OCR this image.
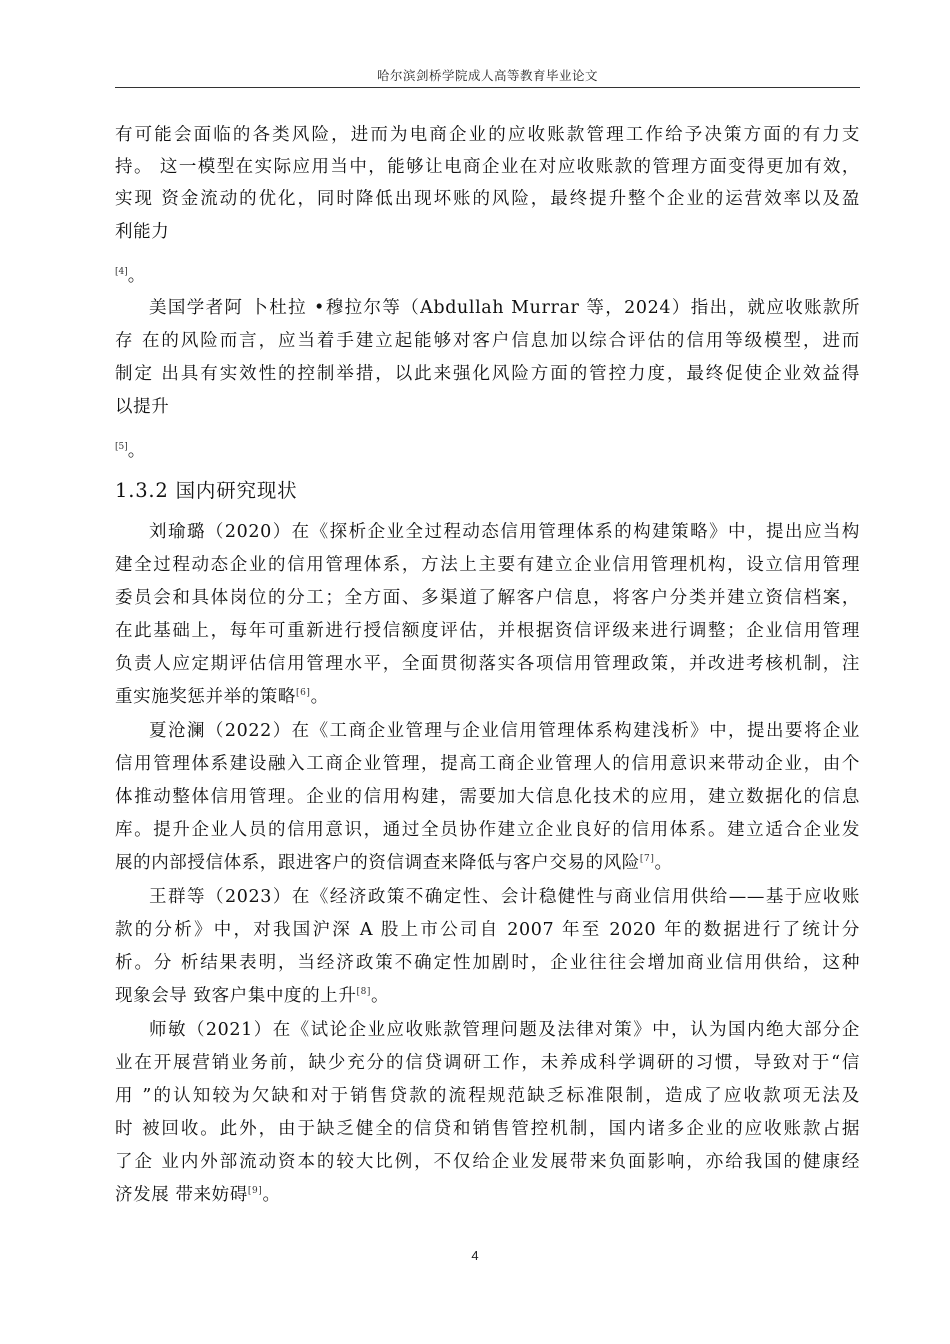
哈尔滨剑桥学院成人高等教育毕业论文
有可能会面临的各类风险，进而为电商企业的应收账款管理工作给予决策方面的有力支
持。 这一模型在实际应用当中，能够让电商企业在对应收账款的管理方面变得更加有效，
实现 资金流动的优化，同时降低出现坏账的风险，最终提升整个企业的运营效率以及盈
利能力
[4]。
美国学者阿 卜杜拉 •穆拉尔等（Abdullah Murrar 等，2024）指出，就应收账款所
存 在的风险而言，应当着手建立起能够对客户信息加以综合评估的信用等级模型，进而
制定 出具有实效性的控制举措，以此来强化风险方面的管控力度，最终促使企业效益得
以提升
[5]。
1.3.2 国内研究现状
刘瑜璐（2020）在《探析企业全过程动态信用管理体系的构建策略》中，提出应当构
建全过程动态企业的信用管理体系，方法上主要有建立企业信用管理机构，设立信用管理
委员会和具体岗位的分工；全方面、多渠道了解客户信息，将客户分类并建立资信档案，
在此基础上，每年可重新进行授信额度评估，并根据资信评级来进行调整；企业信用管理
负责人应定期评估信用管理水平，全面贯彻落实各项信用管理政策，并改进考核机制，注
重实施奖惩并举的策略[6]。
夏沧澜（2022）在《工商企业管理与企业信用管理体系构建浅析》中，提出要将企业
信用管理体系建设融入工商企业管理，提高工商企业管理人的信用意识来带动企业，由个
体推动整体信用管理。企业的信用构建，需要加大信息化技术的应用，建立数据化的信息
库。提升企业人员的信用意识，通过全员协作建立企业良好的信用体系。建立适合企业发
展的内部授信体系，跟进客户的资信调查来降低与客户交易的风险[7]。
王群等（2023）在《经济政策不确定性、会计稳健性与商业信用供给——基于应收账
款的分析》中，对我国沪深 A 股上市公司自 2007 年至 2020 年的数据进行了统计分
析。分 析结果表明，当经济政策不确定性加剧时，企业往往会增加商业信用供给，这种
现象会导 致客户集中度的上升[8]。
师敏（2021）在《试论企业应收账款管理问题及法律对策》中，认为国内绝大部分企
业在开展营销业务前，缺少充分的信贷调研工作，未养成科学调研的习惯，导致对于“信
用 ”的认知较为欠缺和对于销售贷款的流程规范缺乏标准限制，造成了应收款项无法及
时 被回收。此外，由于缺乏健全的信贷和销售管控机制，国内诸多企业的应收账款占据
了企 业内外部流动资本的较大比例，不仅给企业发展带来负面影响，亦给我国的健康经
济发展 带来妨碍[9]。
4
